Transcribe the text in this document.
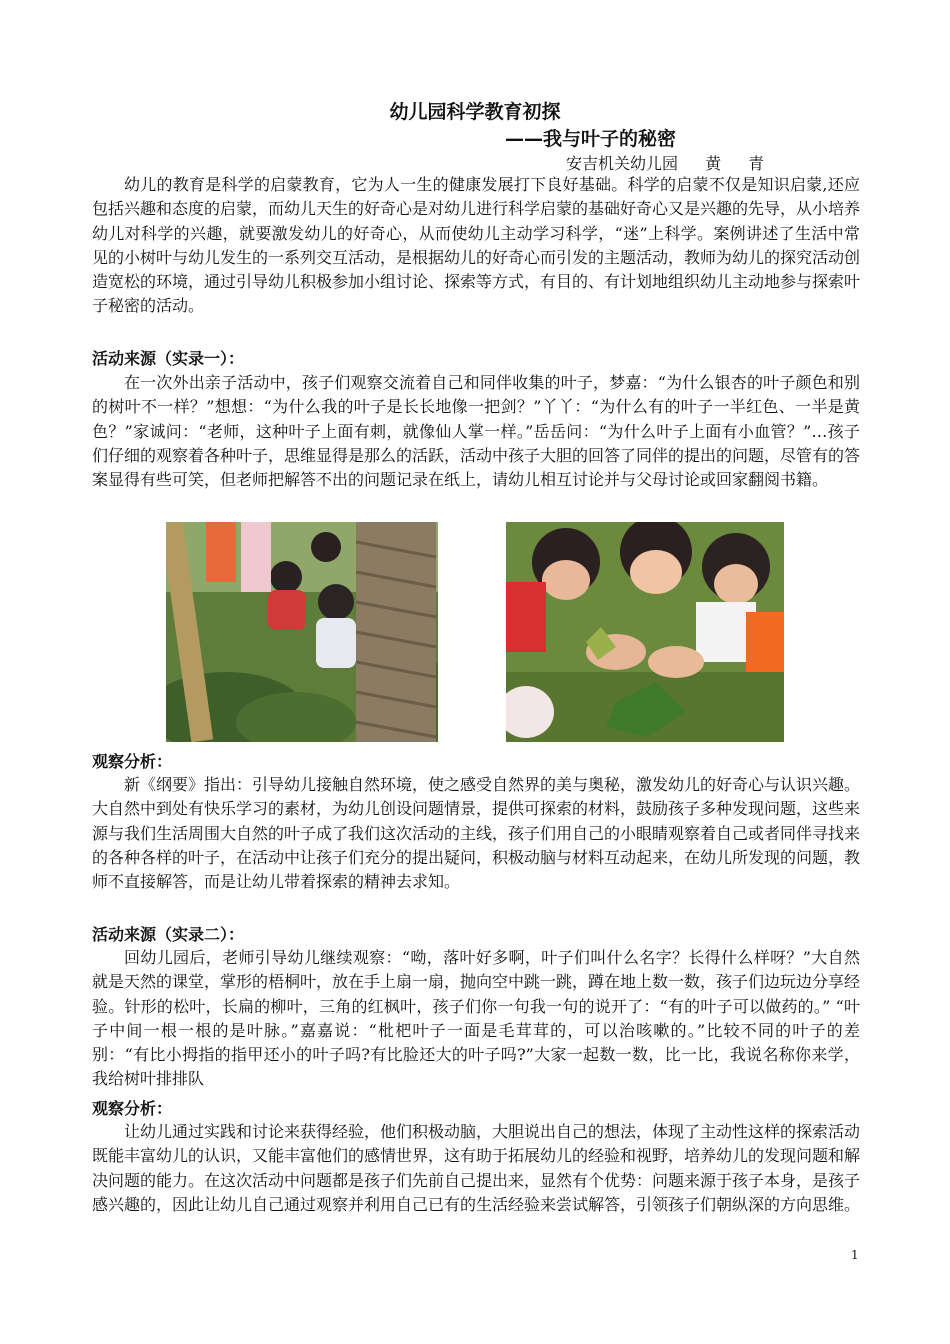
幼儿园科学教育初探
——我与叶子的秘密
安吉机关幼儿园 黄 青

幼儿的教育是科学的启蒙教育，它为人一生的健康发展打下良好基础。科学的启蒙不仅是知识启蒙,还应包括兴趣和态度的启蒙，而幼儿天生的好奇心是对幼儿进行科学启蒙的基础好奇心又是兴趣的先导，从小培养幼儿对科学的兴趣，就要激发幼儿的好奇心，从而使幼儿主动学习科学，“迷”上科学。案例讲述了生活中常见的小树叶与幼儿发生的一系列交互活动，是根据幼儿的好奇心而引发的主题活动，教师为幼儿的探究活动创造宽松的环境，通过引导幼儿积极参加小组讨论、探索等方式，有目的、有计划地组织幼儿主动地参与探索叶子秘密的活动。

活动来源（实录一）：

在一次外出亲子活动中，孩子们观察交流着自己和同伴收集的叶子，梦嘉：“为什么银杏的叶子颜色和别的树叶不一样？”想想：“为什么我的叶子是长长地像一把剑？”丫丫：“为什么有的叶子一半红色、一半是黄色？”家诚问：“老师，这种叶子上面有刺，就像仙人掌一样。”岳岳问：“为什么叶子上面有小血管？”…孩子们仔细的观察着各种叶子，思维显得是那么的活跃，活动中孩子大胆的回答了同伴的提出的问题，尽管有的答案显得有些可笑，但老师把解答不出的问题记录在纸上，请幼儿相互讨论并与父母讨论或回家翻阅书籍。

观察分析：

新《纲要》指出：引导幼儿接触自然环境，使之感受自然界的美与奥秘，激发幼儿的好奇心与认识兴趣。大自然中到处有快乐学习的素材，为幼儿创设问题情景，提供可探索的材料，鼓励孩子多种发现问题，这些来源与我们生活周围大自然的叶子成了我们这次活动的主线，孩子们用自己的小眼睛观察着自己或者同伴寻找来的各种各样的叶子，在活动中让孩子们充分的提出疑问，积极动脑与材料互动起来，在幼儿所发现的问题，教师不直接解答，而是让幼儿带着探索的精神去求知。

活动来源（实录二）：

回幼儿园后，老师引导幼儿继续观察：“呦，落叶好多啊，叶子们叫什么名字？长得什么样呀？”大自然就是天然的课堂，掌形的梧桐叶，放在手上扇一扇，抛向空中跳一跳，蹲在地上数一数，孩子们边玩边分享经验。针形的松叶，长扁的柳叶，三角的红枫叶，孩子们你一句我一句的说开了：“有的叶子可以做药的。” “叶子中间一根一根的是叶脉。”嘉嘉说：“枇杷叶子一面是毛茸茸的，可以治咳嗽的。”比较不同的叶子的差别：“有比小拇指的指甲还小的叶子吗?有比脸还大的叶子吗?”大家一起数一数，比一比，我说名称你来学，我给树叶排排队

观察分析：

让幼儿通过实践和讨论来获得经验，他们积极动脑，大胆说出自己的想法，体现了主动性这样的探索活动既能丰富幼儿的认识，又能丰富他们的感情世界，这有助于拓展幼儿的经验和视野，培养幼儿的发现问题和解决问题的能力。在这次活动中问题都是孩子们先前自己提出来，显然有个优势：问题来源于孩子本身，是孩子感兴趣的，因此让幼儿自己通过观察并利用自己已有的生活经验来尝试解答，引领孩子们朝纵深的方向思维。

1
